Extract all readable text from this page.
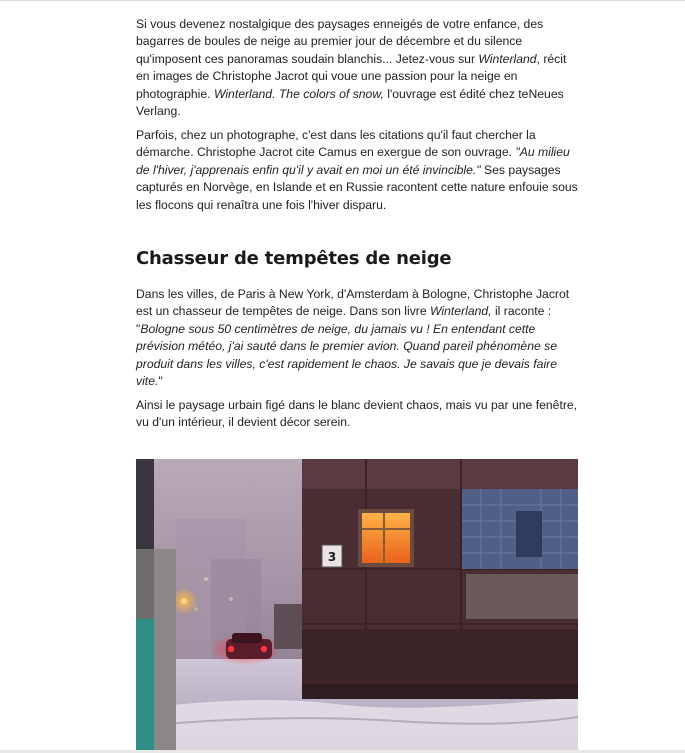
Si vous devenez nostalgique des paysages enneigés de votre enfance, des bagarres de boules de neige au premier jour de décembre et du silence qu'imposent ces panoramas soudain blanchis... Jetez-vous sur Winterland, récit en images de Christophe Jacrot qui voue une passion pour la neige en photographie. Winterland. The colors of snow, l'ouvrage est édité chez teNeues Verlang.

Parfois, chez un photographe, c'est dans les citations qu'il faut chercher la démarche. Christophe Jacrot cite Camus en exergue de son ouvrage. "Au milieu de l'hiver, j'apprenais enfin qu'il y avait en moi un été invincible." Ses paysages capturés en Norvège, en Islande et en Russie racontent cette nature enfouie sous les flocons qui renaîtra une fois l'hiver disparu.

Chasseur de tempêtes de neige

Dans les villes, de Paris à New York, d'Amsterdam à Bologne, Christophe Jacrot est un chasseur de tempêtes de neige. Dans son livre Winterland, il raconte : "Bologne sous 50 centimètres de neige, du jamais vu ! En entendant cette prévision météo, j'ai sauté dans le premier avion. Quand pareil phénomène se produit dans les villes, c'est rapidement le chaos. Je savais que je devais faire vite."

Ainsi le paysage urbain figé dans le blanc devient chaos, mais vu par une fenêtre, vu d'un intérieur, il devient décor serein.

3
